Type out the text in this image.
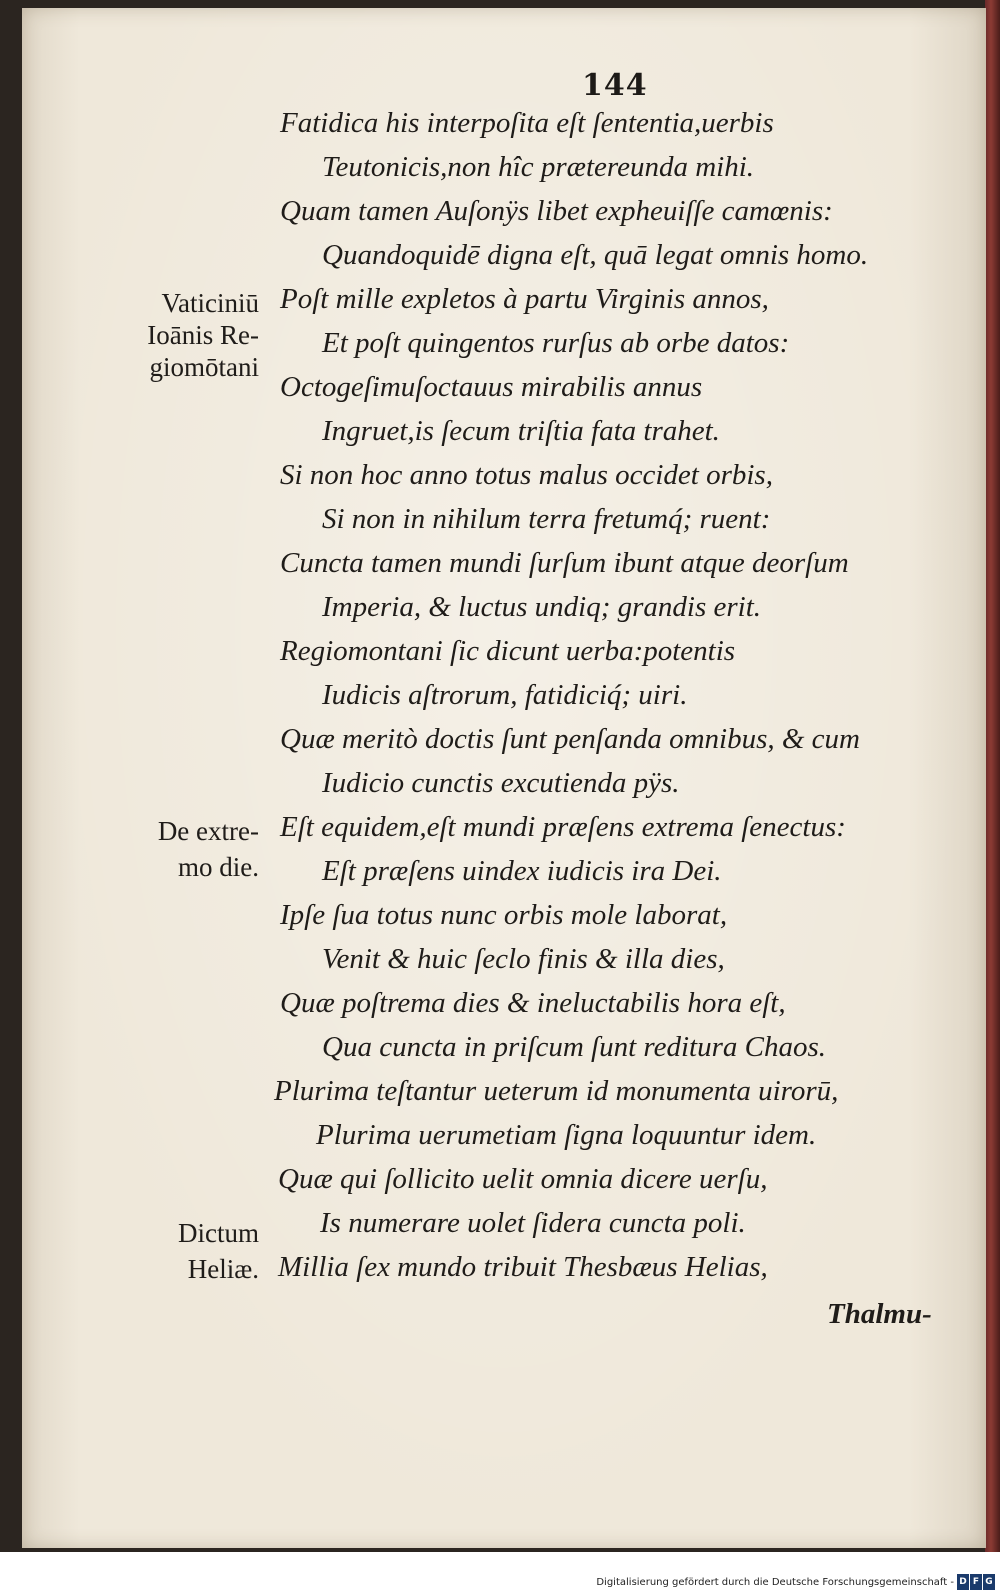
144
Fatidica his interpoſita eſt ſententia,uerbis
Teutonicis,non hîc prætereunda mihi.
Quam tamen Auſonÿs libet expheuiſſe camœnis:
Quandoquidē digna eſt, quā legat omnis homo.
Poſt mille expletos à partu Virginis annos,
Et poſt quingentos rurſus ab orbe datos:
Octogeſimuſoctauus mirabilis annus
Ingruet,is ſecum triſtia fata trahet.
Si non hoc anno totus malus occidet orbis,
Si non in nihilum terra fretumq́; ruent:
Cuncta tamen mundi ſurſum ibunt atque deorſum
Imperia, & luctus undiq; grandis erit.
Regiomontani ſic dicunt uerba:potentis
Iudicis aſtrorum, fatidiciq́; uiri.
Quæ meritò doctis ſunt penſanda omnibus, & cum
Iudicio cunctis excutienda pÿs.
Eſt equidem,eſt mundi præſens extrema ſenectus:
Eſt præſens uindex iudicis ira Dei.
Ipſe ſua totus nunc orbis mole laborat,
Venit & huic ſeclo finis & illa dies,
Quæ poſtrema dies & ineluctabilis hora eſt,
Qua cuncta in priſcum ſunt reditura Chaos.
Plurima teſtantur ueterum id monumenta uirorū,
Plurima uerumetiam ſigna loquuntur idem.
Quæ qui ſollicito uelit omnia dicere uerſu,
Is numerare uolet ſidera cuncta poli.
Millia ſex mundo tribuit Thesbæus Helias,
Vaticiniū
Ioānis Re-
giomōtani
De extre-
mo die.
Dictum
Heliæ.
Thalmu-
Digitalisierung gefördert durch die Deutsche Forschungsgemeinschaft - D F G
